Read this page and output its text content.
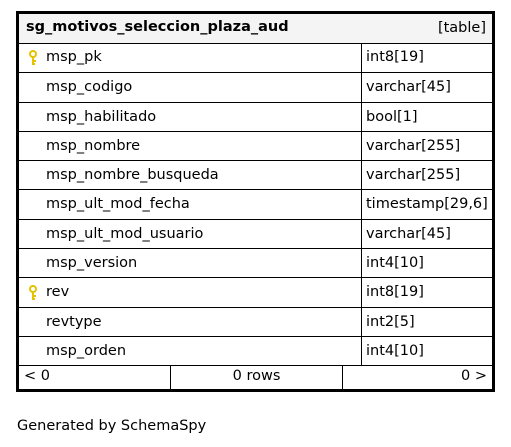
sg_motivos_seleccion_plaza_aud	[table]
msp_pk	int8[19]
msp_codigo	varchar[45]
msp_habilitado	bool[1]
msp_nombre	varchar[255]
msp_nombre_busqueda	varchar[255]
msp_ult_mod_fecha	timestamp[29,6]
msp_ult_mod_usuario	varchar[45]
msp_version	int4[10]
rev	int8[19]
revtype	int2[5]
msp_orden	int4[10]
< 0	0 rows	0 >
Generated by SchemaSpy
